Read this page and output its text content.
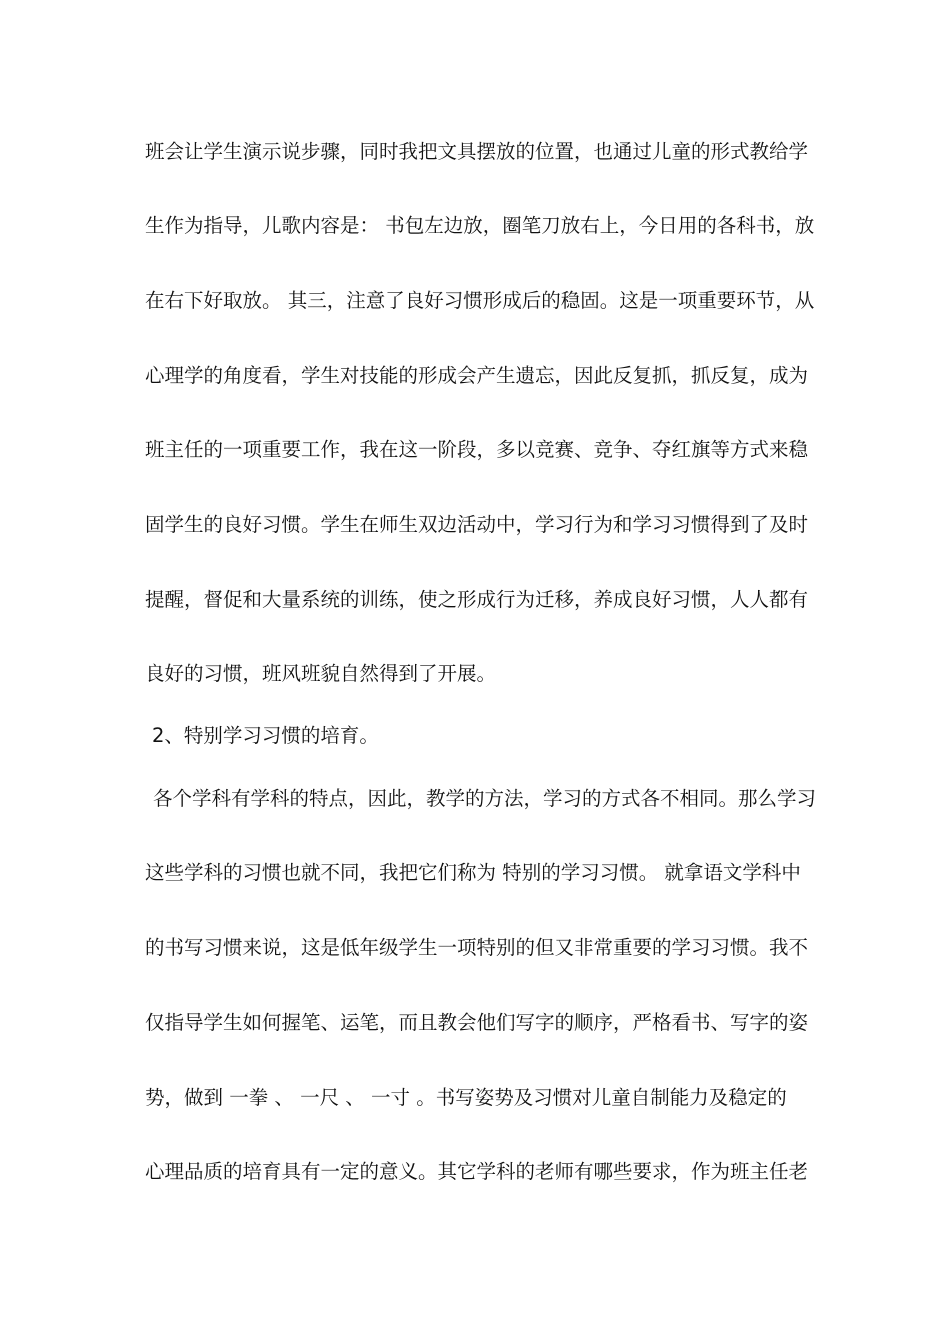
班会让学生演示说步骤，同时我把文具摆放的位置，也通过儿童的形式教给学
生作为指导，儿歌内容是： 书包左边放，圈笔刀放右上，今日用的各科书，放
在右下好取放。 其三，注意了良好习惯形成后的稳固。这是一项重要环节，从
心理学的角度看，学生对技能的形成会产生遗忘，因此反复抓，抓反复，成为
班主任的一项重要工作，我在这一阶段，多以竞赛、竞争、夺红旗等方式来稳
固学生的良好习惯。学生在师生双边活动中，学习行为和学习习惯得到了及时
提醒，督促和大量系统的训练，使之形成行为迁移，养成良好习惯，人人都有
良好的习惯，班风班貌自然得到了开展。
2、特别学习习惯的培育。
各个学科有学科的特点，因此，教学的方法，学习的方式各不相同。那么学习
这些学科的习惯也就不同，我把它们称为 特别的学习习惯。 就拿语文学科中
的书写习惯来说，这是低年级学生一项特别的但又非常重要的学习习惯。我不
仅指导学生如何握笔、运笔，而且教会他们写字的顺序，严格看书、写字的姿
势，做到 一拳 、 一尺 、 一寸 。书写姿势及习惯对儿童自制能力及稳定的
心理品质的培育具有一定的意义。其它学科的老师有哪些要求，作为班主任老
